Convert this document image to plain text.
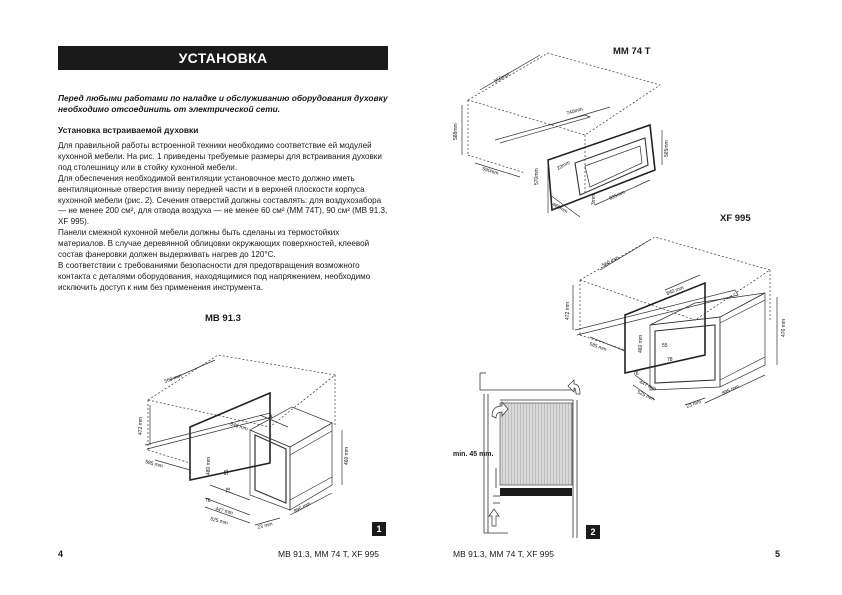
УСТАНОВКА
Перед любыми работами по наладке и обслуживанию оборудования духовку необходимо отсоединить от электрической сети.
Установка встраиваемой духовки

Для правильной работы встроенной техники необходимо соответствие ей модулей кухонной мебели. На рис. 1 приведены требуемые размеры для встраивания духовки под столешницу или в стойку кухонной мебели.

Для обеспечения необходимой вентиляции установочное место должно иметь вентиляционные отверстия внизу передней части и в верхней плоскости корпуса кухонной мебели (рис. 2). Сечения отверстий должны составлять: для воздухозабора — не менее 200 см², для отвода воздуха — не менее 60 см² (MM 74T), 90 см² (MB 91.3, XF 995).

Панели смежной кухонной мебели должны быть сделаны из термостойких материалов. В случае деревянной облицовки окружающих поверхностей, клеевой состав фанеровки должен выдерживать нагрев до 120°C.

В соответствии с требованиями безопасности для предотвращения возможного контакта с деталями оборудования, находящимися под напряжением, необходимо исключить доступ к ним без применения инструмента.

MB 91.3
560 mm
472 mm
585 mm
846 mm
460 mm
55
78
480 mm
76
447 mm
525 mm
895 mm
23 mm	1
4	MB 91.3, MM 74 T, XF 995
MM 74 T
556mm
588mm
740mm
590mm	22mm
570mm
565mm
466mm
3mm 895mm
XF 995
560 mm
472 mm
840 mm
585 mm	460 mm	55
78
476 mm
76
447 mm
525 mm	895 mm
23 mm
min. 45 mm.
2
MB 91.3, MM 74 T, XF 995	5
